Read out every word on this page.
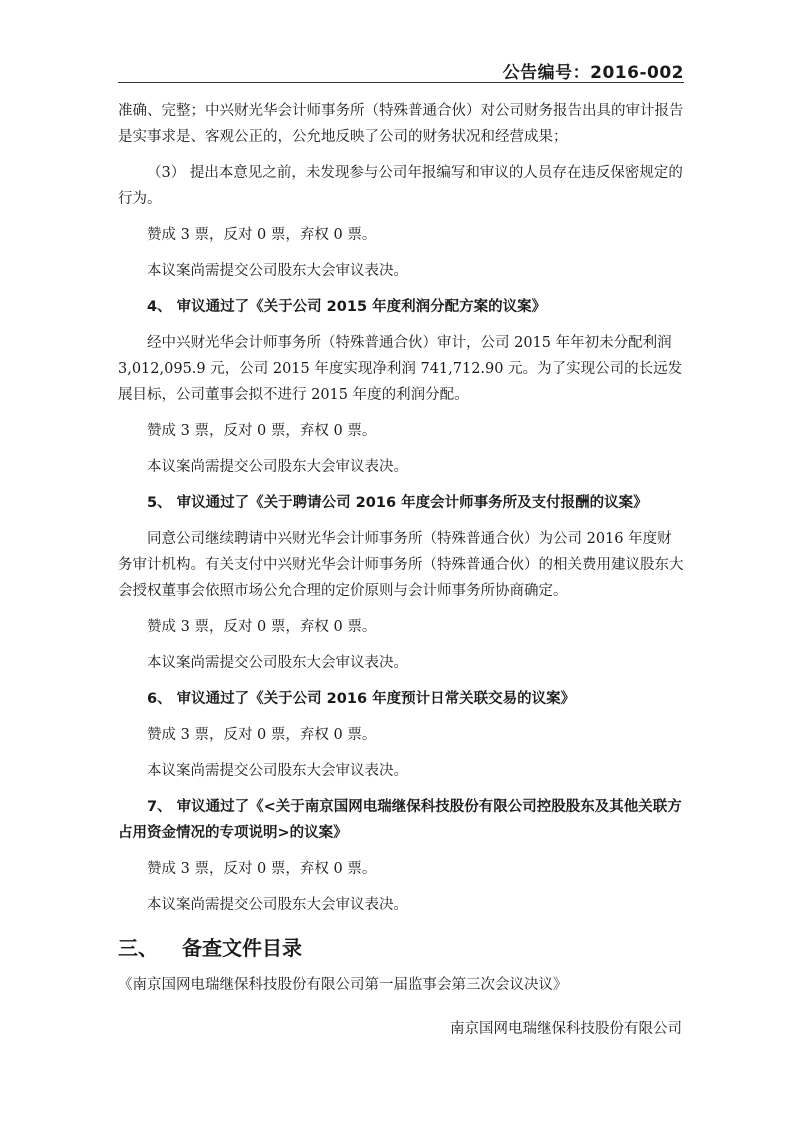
公告编号：2016-002

准确、完整；中兴财光华会计师事务所（特殊普通合伙）对公司财务报告出具的审计报告是实事求是、客观公正的，公允地反映了公司的财务状况和经营成果；

（3） 提出本意见之前，未发现参与公司年报编写和审议的人员存在违反保密规定的行为。

赞成 3 票，反对 0 票，弃权 0 票。

本议案尚需提交公司股东大会审议表决。

4、 审议通过了《关于公司 2015 年度利润分配方案的议案》

经中兴财光华会计师事务所（特殊普通合伙）审计，公司 2015 年年初未分配利润 3,012,095.9 元，公司 2015 年度实现净利润 741,712.90 元。为了实现公司的长远发展目标，公司董事会拟不进行 2015 年度的利润分配。

赞成 3 票，反对 0 票，弃权 0 票。

本议案尚需提交公司股东大会审议表决。

5、 审议通过了《关于聘请公司 2016 年度会计师事务所及支付报酬的议案》

同意公司继续聘请中兴财光华会计师事务所（特殊普通合伙）为公司 2016 年度财务审计机构。有关支付中兴财光华会计师事务所（特殊普通合伙）的相关费用建议股东大会授权董事会依照市场公允合理的定价原则与会计师事务所协商确定。

赞成 3 票，反对 0 票，弃权 0 票。

本议案尚需提交公司股东大会审议表决。

6、 审议通过了《关于公司 2016 年度预计日常关联交易的议案》

赞成 3 票，反对 0 票，弃权 0 票。

本议案尚需提交公司股东大会审议表决。

7、 审议通过了《<关于南京国网电瑞继保科技股份有限公司控股股东及其他关联方占用资金情况的专项说明>的议案》

赞成 3 票，反对 0 票，弃权 0 票。

本议案尚需提交公司股东大会审议表决。

三、 备查文件目录

《南京国网电瑞继保科技股份有限公司第一届监事会第三次会议决议》

南京国网电瑞继保科技股份有限公司
